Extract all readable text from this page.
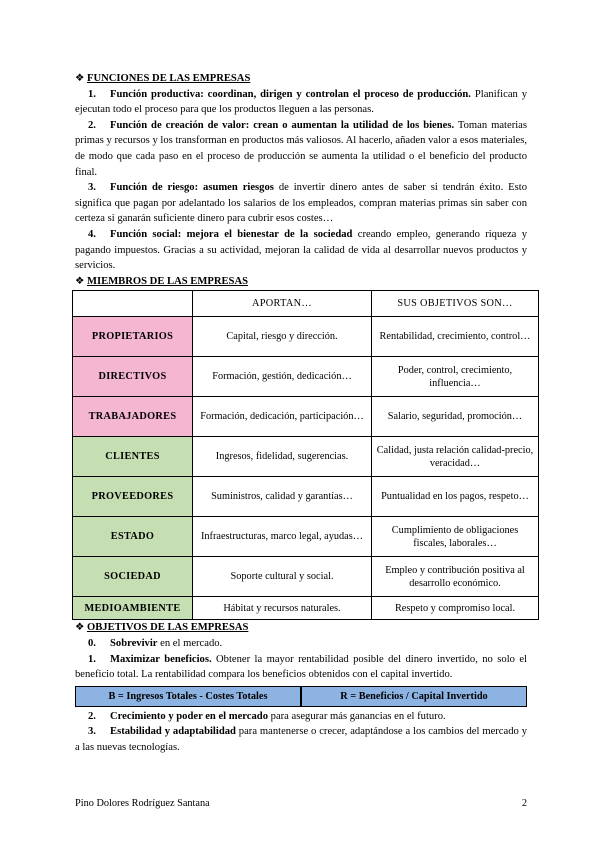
❖ FUNCIONES DE LAS EMPRESAS

1. Función productiva: coordinan, dirigen y controlan el proceso de producción. Planifican y ejecutan todo el proceso para que los productos lleguen a las personas.

2. Función de creación de valor: crean o aumentan la utilidad de los bienes. Toman materias primas y recursos y los transforman en productos más valiosos. Al hacerlo, añaden valor a esos materiales, de modo que cada paso en el proceso de producción se aumenta la utilidad o el beneficio del producto final.

3. Función de riesgo: asumen riesgos de invertir dinero antes de saber si tendrán éxito. Esto significa que pagan por adelantado los salarios de los empleados, compran materias primas sin saber con certeza si ganarán suficiente dinero para cubrir esos costes…

4. Función social: mejora el bienestar de la sociedad creando empleo, generando riqueza y pagando impuestos. Gracias a su actividad, mejoran la calidad de vida al desarrollar nuevos productos y servicios.

❖ MIEMBROS DE LAS EMPRESAS

	APORTAN…	SUS OBJETIVOS SON…
PROPIETARIOS	Capital, riesgo y dirección.	Rentabilidad, crecimiento, control…
DIRECTIVOS	Formación, gestión, dedicación…	Poder, control, crecimiento, influencia…
TRABAJADORES	Formación, dedicación, participación…	Salario, seguridad, promoción…
CLIENTES	Ingresos, fidelidad, sugerencias.	Calidad, justa relación calidad-precio, veracidad…
PROVEEDORES	Suministros, calidad y garantías…	Puntualidad en los pagos, respeto…
ESTADO	Infraestructuras, marco legal, ayudas…	Cumplimiento de obligaciones fiscales, laborales…
SOCIEDAD	Soporte cultural y social.	Empleo y contribución positiva al desarrollo económico.
MEDIOAMBIENTE	Hábitat y recursos naturales.	Respeto y compromiso local.

❖ OBJETIVOS DE LAS EMPRESAS

0. Sobrevivir en el mercado.

1. Maximizar beneficios. Obtener la mayor rentabilidad posible del dinero invertido, no solo el beneficio total. La rentabilidad compara los beneficios obtenidos con el capital invertido.

B = Ingresos Totales - Costes Totales	R = Beneficios / Capital Invertido

2. Crecimiento y poder en el mercado para asegurar más ganancias en el futuro.

3. Estabilidad y adaptabilidad para mantenerse o crecer, adaptándose a los cambios del mercado y a las nuevas tecnologías.

Pino Dolores Rodríguez Santana	2
